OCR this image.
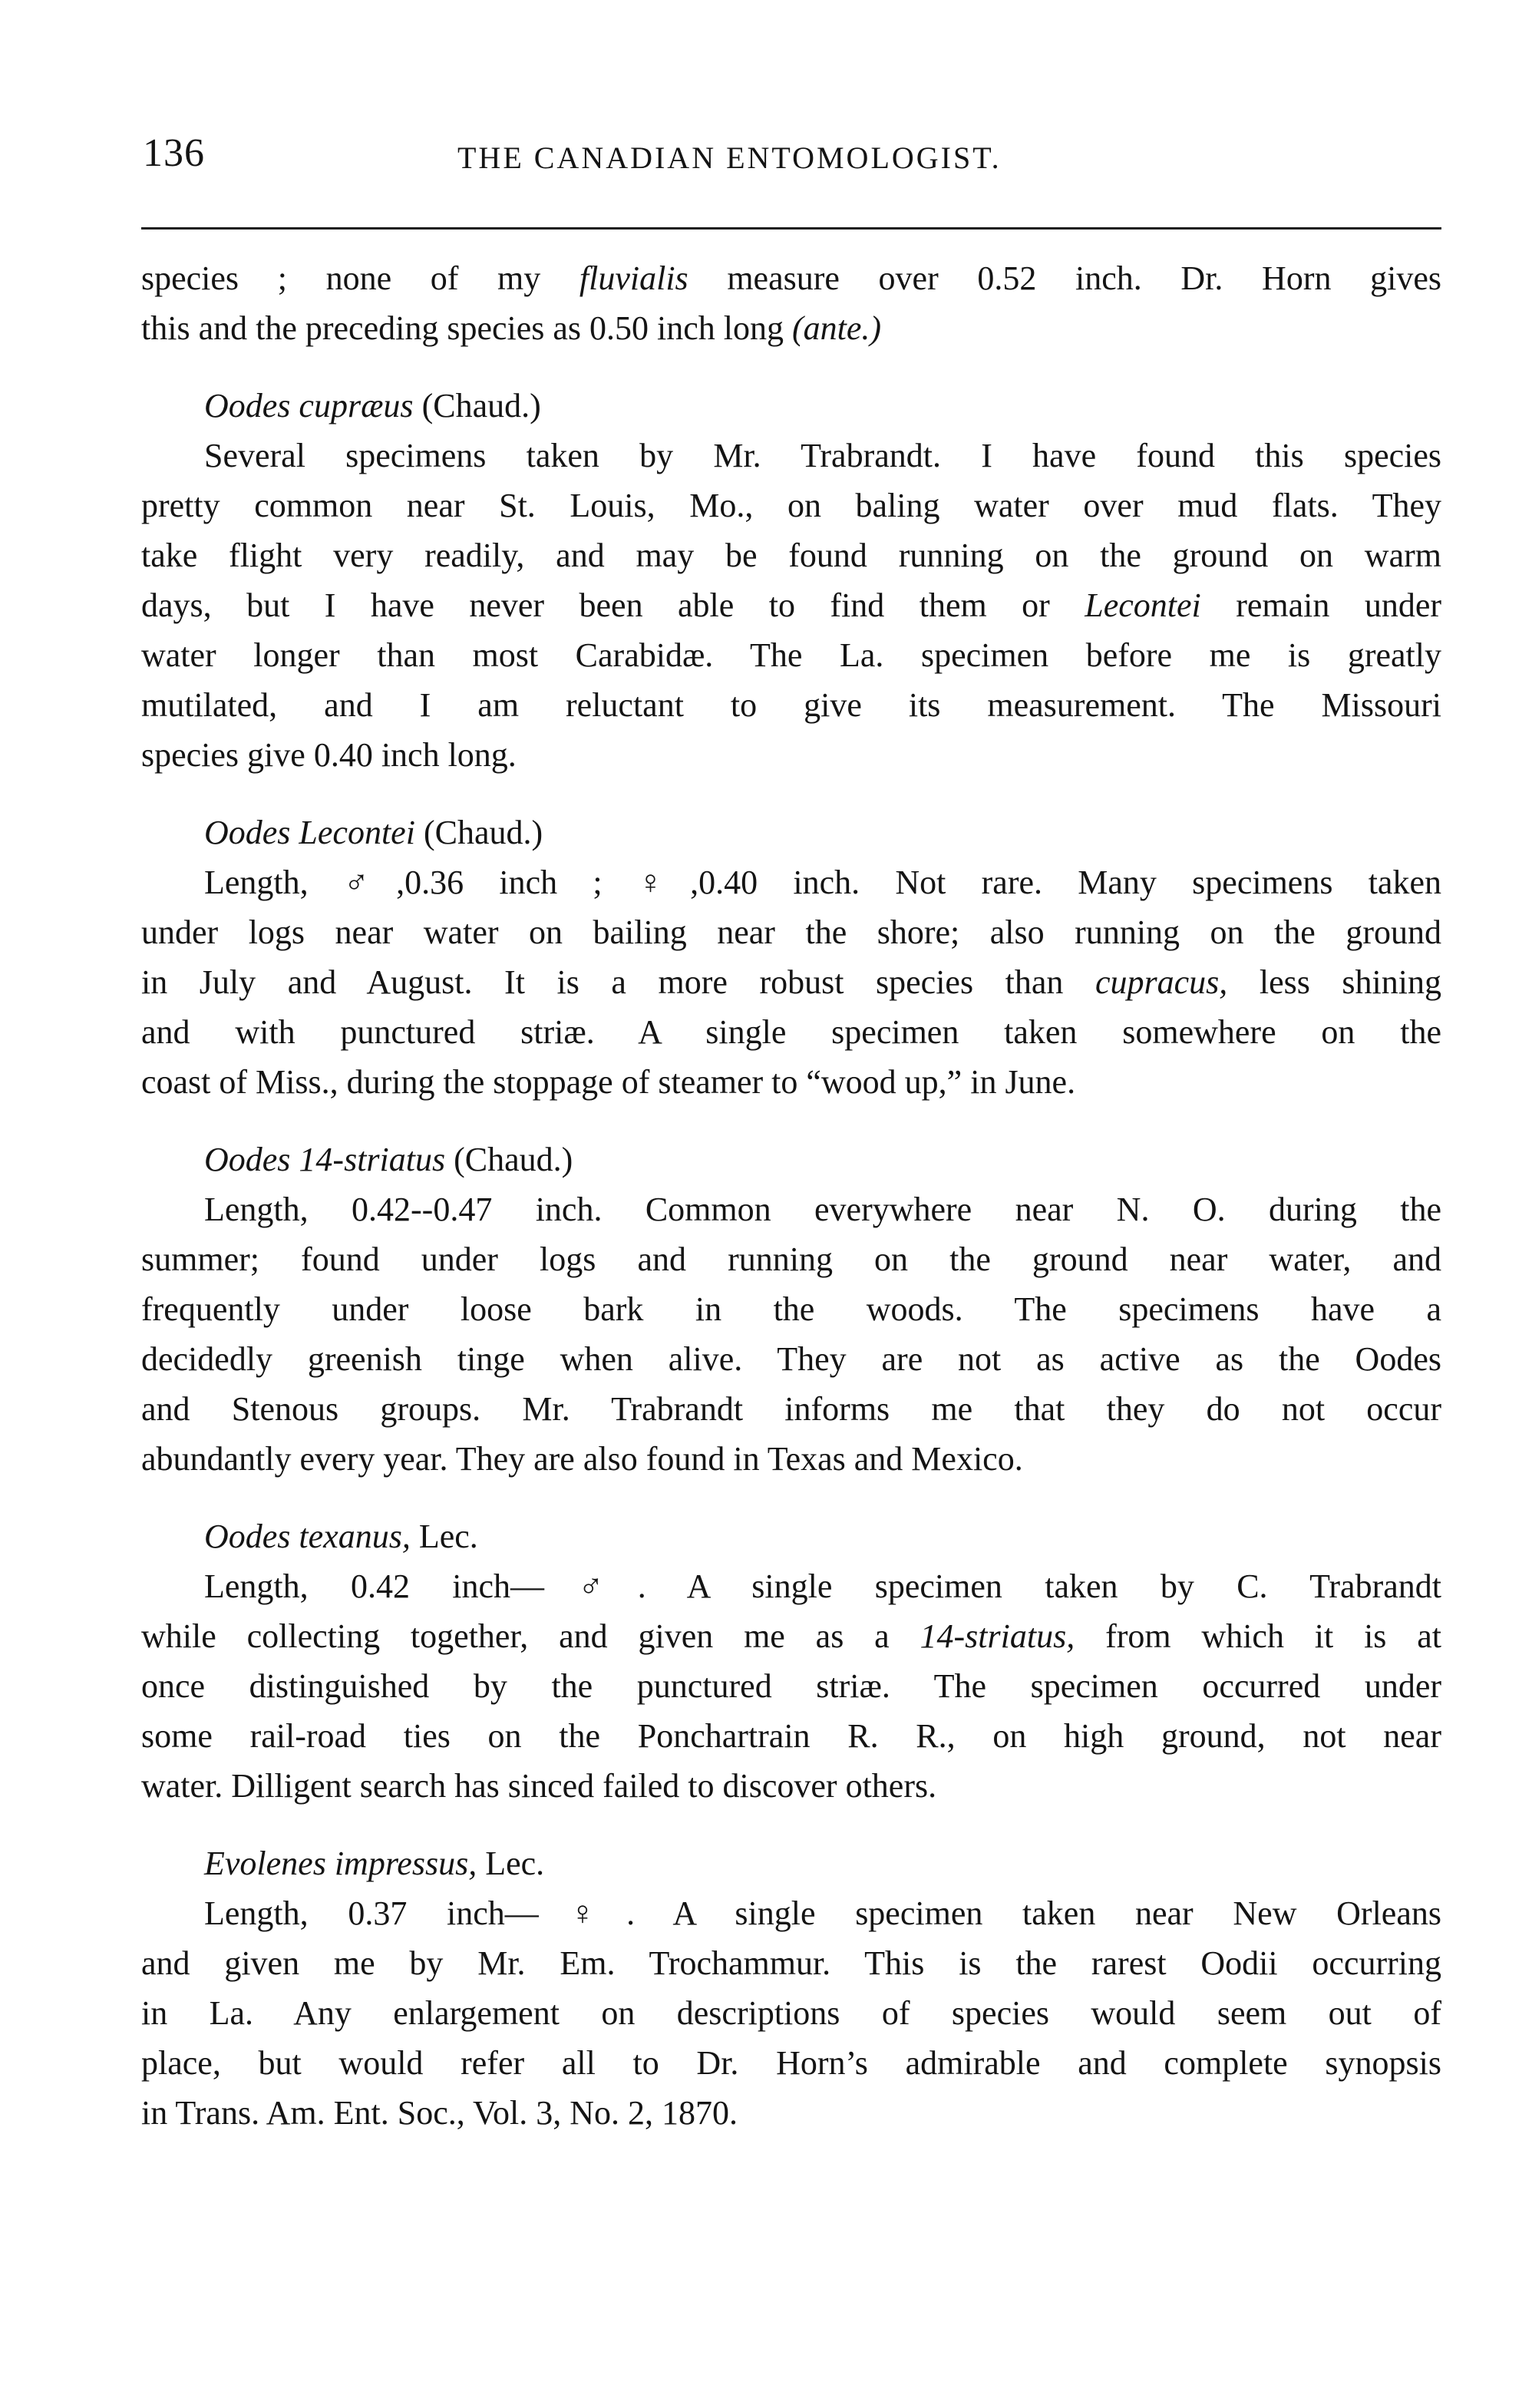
136	THE CANADIAN ENTOMOLOGIST.
species ; none of my fluvialis measure over 0.52 inch. Dr. Horn gives
this and the preceding species as 0.50 inch long (ante.)
Oodes cupræus (Chaud.)
Several specimens taken by Mr. Trabrandt. I have found this species
pretty common near St. Louis, Mo., on baling water over mud flats. They
take flight very readily, and may be found running on the ground on warm
days, but I have never been able to find them or Lecontei remain under
water longer than most Carabidæ. The La. specimen before me is greatly
mutilated, and I am reluctant to give its measurement. The Missouri
species give 0.40 inch long.
Oodes Lecontei (Chaud.)
Length, ♂,0.36 inch ; ♀,0.40 inch. Not rare. Many specimens taken
under logs near water on bailing near the shore; also running on the ground
in July and August. It is a more robust species than cupracus, less shining
and with punctured striæ. A single specimen taken somewhere on the
coast of Miss., during the stoppage of steamer to “wood up,” in June.
Oodes 14-striatus (Chaud.)
Length, 0.42--0.47 inch. Common everywhere near N. O. during the
summer; found under logs and running on the ground near water, and
frequently under loose bark in the woods. The specimens have a
decidedly greenish tinge when alive. They are not as active as the Oodes
and Stenous groups. Mr. Trabrandt informs me that they do not occur
abundantly every year. They are also found in Texas and Mexico.
Oodes texanus, Lec.
Length, 0.42 inch—♂. A single specimen taken by C. Trabrandt
while collecting together, and given me as a 14-striatus, from which it is at
once distinguished by the punctured striæ. The specimen occurred under
some rail-road ties on the Ponchartrain R. R., on high ground, not near
water. Dilligent search has sinced failed to discover others.
Evolenes impressus, Lec.
Length, 0.37 inch—♀. A single specimen taken near New Orleans
and given me by Mr. Em. Trochammur. This is the rarest Oodii occurring
in La. Any enlargement on descriptions of species would seem out of
place, but would refer all to Dr. Horn’s admirable and complete synopsis
in Trans. Am. Ent. Soc., Vol. 3, No. 2, 1870.
